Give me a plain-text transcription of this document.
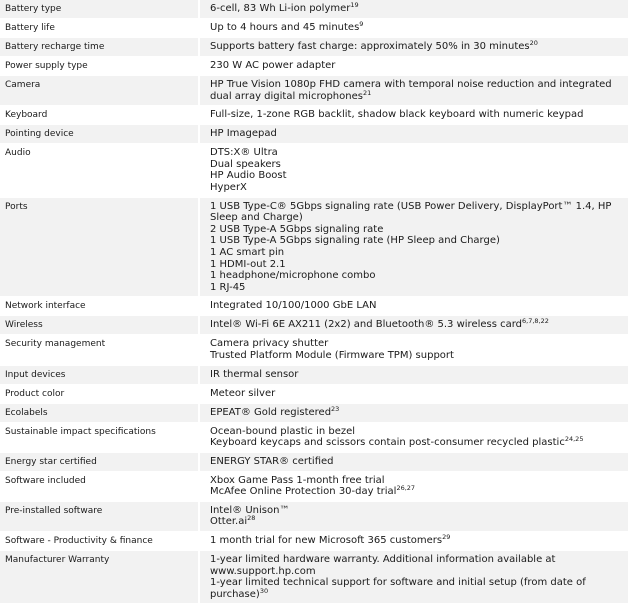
Battery type	6-cell, 83 Wh Li-ion polymer$^{19}$
Battery life	Up to 4 hours and 45 minutes$^9$
Battery recharge time	Supports battery fast charge: approximately 50% in 30 minutes$^{20}$
Power supply type	230 W AC power adapter
Camera	HP True Vision 1080p FHD camera with temporal noise reduction and integrated dual array digital microphones$^{21}$
Keyboard	Full-size, 1-zone RGB backlit, shadow black keyboard with numeric keypad
Pointing device	HP Imagepad
Audio	DTS:X® Ultra
Dual speakers
HP Audio Boost
HyperX
Ports	1 USB Type-C® 5Gbps signaling rate (USB Power Delivery, DisplayPort™ 1.4, HP Sleep and Charge)
2 USB Type-A 5Gbps signaling rate
1 USB Type-A 5Gbps signaling rate (HP Sleep and Charge)
1 AC smart pin
1 HDMI-out 2.1
1 headphone/microphone combo
1 RJ-45
Network interface	Integrated 10/100/1000 GbE LAN
Wireless	Intel® Wi-Fi 6E AX211 (2x2) and Bluetooth® 5.3 wireless card$^{6,7,8,22}$
Security management	Camera privacy shutter
Trusted Platform Module (Firmware TPM) support
Input devices	IR thermal sensor
Product color	Meteor silver
Ecolabels	EPEAT® Gold registered$^{23}$
Sustainable impact specifications	Ocean-bound plastic in bezel
Keyboard keycaps and scissors contain post-consumer recycled plastic$^{24,25}$
Energy star certified	ENERGY STAR® certified
Software included	Xbox Game Pass 1-month free trial
McAfee Online Protection 30-day trial$^{26,27}$
Pre-installed software	Intel® Unison™
$Otter.ai^{28}$
Software - Productivity & finance	1 month trial for new Microsoft 365 customers$^{29}$
Manufacturer Warranty	1-year limited hardware warranty. Additional information available at www.support.hp.com
1-year limited technical support for software and initial setup (from date of purchase)$^{30}$
